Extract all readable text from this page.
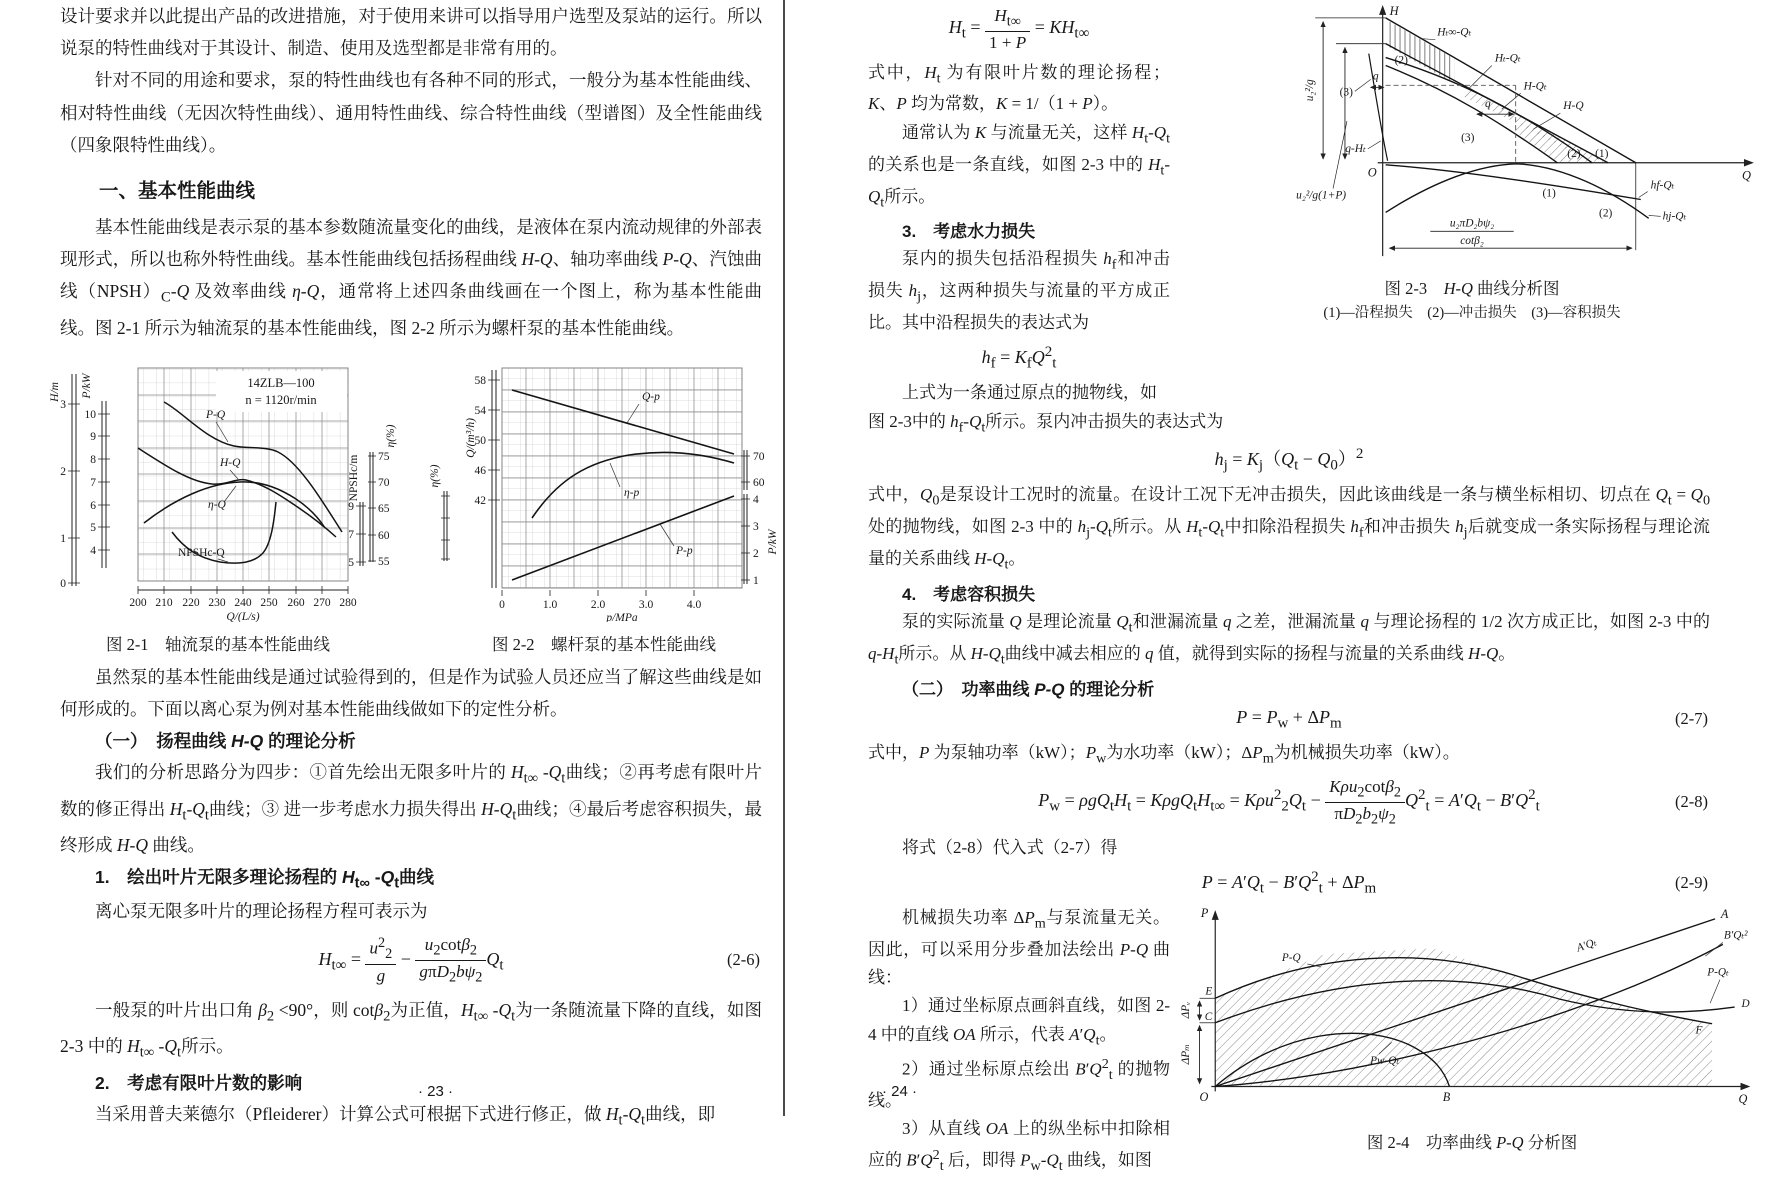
设计要求并以此提出产品的改进措施，对于使用来讲可以指导用户选型及泵站的运行。所以说泵的特性曲线对于其设计、制造、使用及选型都是非常有用的。

针对不同的用途和要求，泵的特性曲线也有各种不同的形式，一般分为基本性能曲线、相对特性曲线（无因次特性曲线）、通用特性曲线、综合特性曲线（型谱图）及全性能曲线（四象限特性曲线）。

一、基本性能曲线

基本性能曲线是表示泵的基本参数随流量变化的曲线，是液体在泵内流动规律的外部表现形式，所以也称外特性曲线。基本性能曲线包括扬程曲线 H-Q、轴功率曲线 P-Q、汽蚀曲线$(NPSH)_C-Q$ 及效率曲线 η-Q，通常将上述四条曲线画在一个图上，称为基本性能曲线。图 2-1 所示为轴流泵的基本性能曲线，图 2-2 所示为螺杆泵的基本性能曲线。

14ZLB—100
n = 1120r/min
3
2
1
0
H/m
10
9
8
7
6
5
4
P/kW
P-Q
H-Q
η-Q
NPSHc-Q
NPSHc/m
9
7
5
75
70
65
60
55
η(%)
200 210 220 230 240 250 260 270 280
Q/(L/s)
图 2-1　轴流泵的基本性能曲线
η(%)
Q/(m³/h)
58
54
50
46
42
Q-p
η-p
P-p
70
60
4
3
2
1
P/kW
0	1.0	2.0	3.0	4.0
p/MPa
图 2-2　螺杆泵的基本性能曲线

虽然泵的基本性能曲线是通过试验得到的，但是作为试验人员还应当了解这些曲线是如何形成的。下面以离心泵为例对基本性能曲线做如下的定性分析。

（一）　扬程曲线 H-Q 的理论分析

我们的分析思路分为四步：①首先绘出无限多叶片的 $H_{t\infty}$ $-Q_t$曲线；②再考虑有限叶片数的修正得出 $H_t-Q_t$曲线；③ 进一步考虑水力损失得出 $H-Q_t$曲线；④最后考虑容积损失，最终形成 H-Q 曲线。

1.　绘出叶片无限多理论扬程的 $H_{t\infty}$ $-Q_t$曲线

离心泵无限多叶片的理论扬程方程可表示为

$H_{t\infty} = \frac{u^2_2}{g}$ −
$u_2\cot\beta_2$
$g\pi D_2b\psi_2$
$Q_t$	(2-6)

一般泵的叶片出口角 $\beta_2 <90^\circ$，则 cotβ$_2$为正值，$H_{t\infty}$ $-Q_t$为一条随流量下降的直线，如图 2-3 中的 $H_{t\infty}$ $-Q_t$所示。

2.　考虑有限叶片数的影响

当采用普夫莱德尔（Pfleiderer）计算公式可根据下式进行修正，做 $H_t-Q_t$曲线，即

· 23 ·
$H_t = \frac{H_{t\infty}}{1 + P} = KH_{t\infty}$

式中，$H_t$ 为有限叶片数的理论扬程；K、P 均为常数，K = 1/（1 + P）。

通常认为 K 与流量无关，这样 $H_t-Q_t$的关系也是一条直线，如图 2-3 中的 $H_t-Q_t$所示。

3.　考虑水力损失

泵内的损失包括沿程损失 $h_f$和冲击损失 $h_j$，这两种损失与流量的平方成正比。其中沿程损失的表达式为

$h_f = K_fQ^2_t$

上式为一条通过原点的抛物线，如

H
Q
O
u₂²/g
u₂²/g(1+P)
q
q
Hₜ∞-Qₜ
Hₜ-Qₜ
H-Qₜ
H-Q
q-Hₜ
hf-Qₜ
hj-Qₜ
(3)
(2)
(3)
(2) (1)
(1)
(2)
u₂πD₂bψ₂
cotβ₂
图 2-3　H-Q 曲线分析图
(1)—沿程损失　(2)—冲击损失　(3)—容积损失

图 2-3中的 $h_f-Q_t$所示。泵内冲击损失的表达式为

$h_j = K_j(Q_t - Q_0)^2$

式中，$Q_0$是泵设计工况时的流量。在设计工况下无冲击损失，因此该曲线是一条与横坐标相切、切点在 $Q_t = Q_0$处的抛物线，如图 2-3 中的 $h_j-Q_t$所示。从 $H_t-Q_t$中扣除沿程损失 $h_f$和冲击损失 $h_j$后就变成一条实际扬程与理论流量的关系曲线 $H-Q_t$。

4.　考虑容积损失

泵的实际流量 Q 是理论流量 $Q_t$和泄漏流量 q 之差，泄漏流量 q 与理论扬程的 1/2 次方成正比，如图 2-3 中的 $q-H_t$所示。从 $H-Q_t$曲线中减去相应的 q 值，就得到实际的扬程与流量的关系曲线 H-Q。

（二）　功率曲线 P-Q 的理论分析
$P = P_w + \Delta P_m$	(2-7)

式中，P 为泵轴功率（kW）；$P_w$为水功率（kW）；$\Delta P_m$为机械损失功率（kW）。

$P_w = \rho gQ_tH_t = K\rho gQ_tH_{t\infty} = K\rho u^2_2Q_t$ −
Kρu$_2$cotβ$_2$
$\pi D_2b_2\psi_2$
$Q^2_t = A'Q_t - B'Q^2_t$	(2-8)

将式（2-8）代入式（2-7）得

$P = A'Q_t - B'Q^2_t + \Delta P_m$	(2-9)

机械损失功率 $\Delta P_m$与泵流量无关。因此，可以采用分步叠加法绘出 P-Q 曲线：

1）通过坐标原点画斜直线，如图 2-4 中的直线 OA 所示，代表 $A'Q_t$。

2）通过坐标原点绘出 $B'Q^2_t$ 的抛物线。

3）从直线 OA 上的纵坐标中扣除相应的 $B'Q^2_t$ 后，即得 $P_w-Q_t$ 曲线，如图

P
Q
O
ΔPᵥ
ΔPₘ
A
B′Qₜ²
P-Q
A′Qₜ
P-Qₜ
Pw-Qₜ
E
C
D
F
B
图 2-4　功率曲线 P-Q 分析图
· 24 ·
